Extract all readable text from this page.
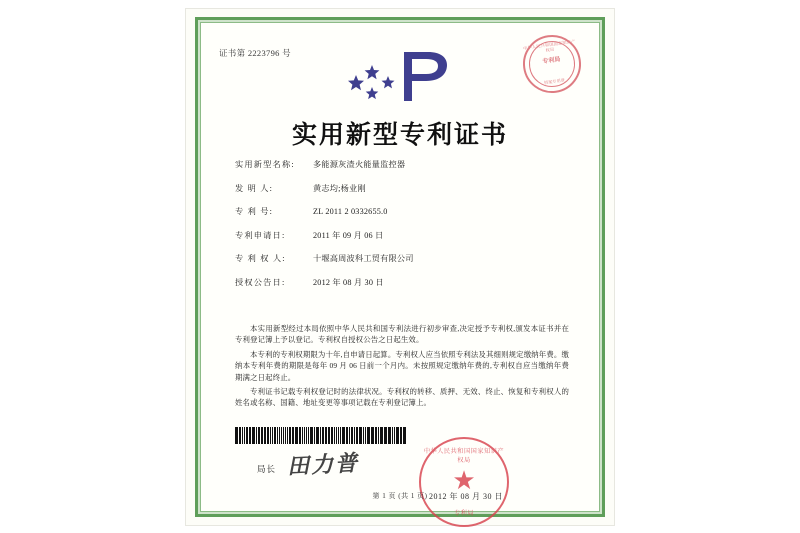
证书第 2223796 号
中华人民共和国国家知识产权局
专利局
档案专用章
实用新型专利证书
实用新型名称:	多能源灰渣火能量监控器
发 明 人:	黄志均;杨业刚
专 利 号:	ZL 2011 2 0332655.0
专利申请日:	2011 年 09 月 06 日
专 利 权 人:	十堰高周波科工贸有限公司
授权公告日:	2012 年 08 月 30 日
本实用新型经过本局依照中华人民共和国专利法进行初步审查,决定授予专利权,颁发本证书并在专利登记簿上予以登记。专利权自授权公告之日起生效。
本专利的专利权期限为十年,自申请日起算。专利权人应当依照专利法及其细则规定缴纳年费。缴纳本专利年费的期限是每年 09 月 06 日前一个月内。未按照规定缴纳年费的,专利权自应当缴纳年费期满之日起终止。
专利证书记载专利权登记时的法律状况。专利权的转移、质押、无效、终止、恢复和专利权人的姓名或名称、国籍、地址变更等事项记载在专利登记簿上。
局长 田力普	中华人民共和国国家知识产权局
★
专利局
2012 年 08 月 30 日
第 1 页 (共 1 页)
